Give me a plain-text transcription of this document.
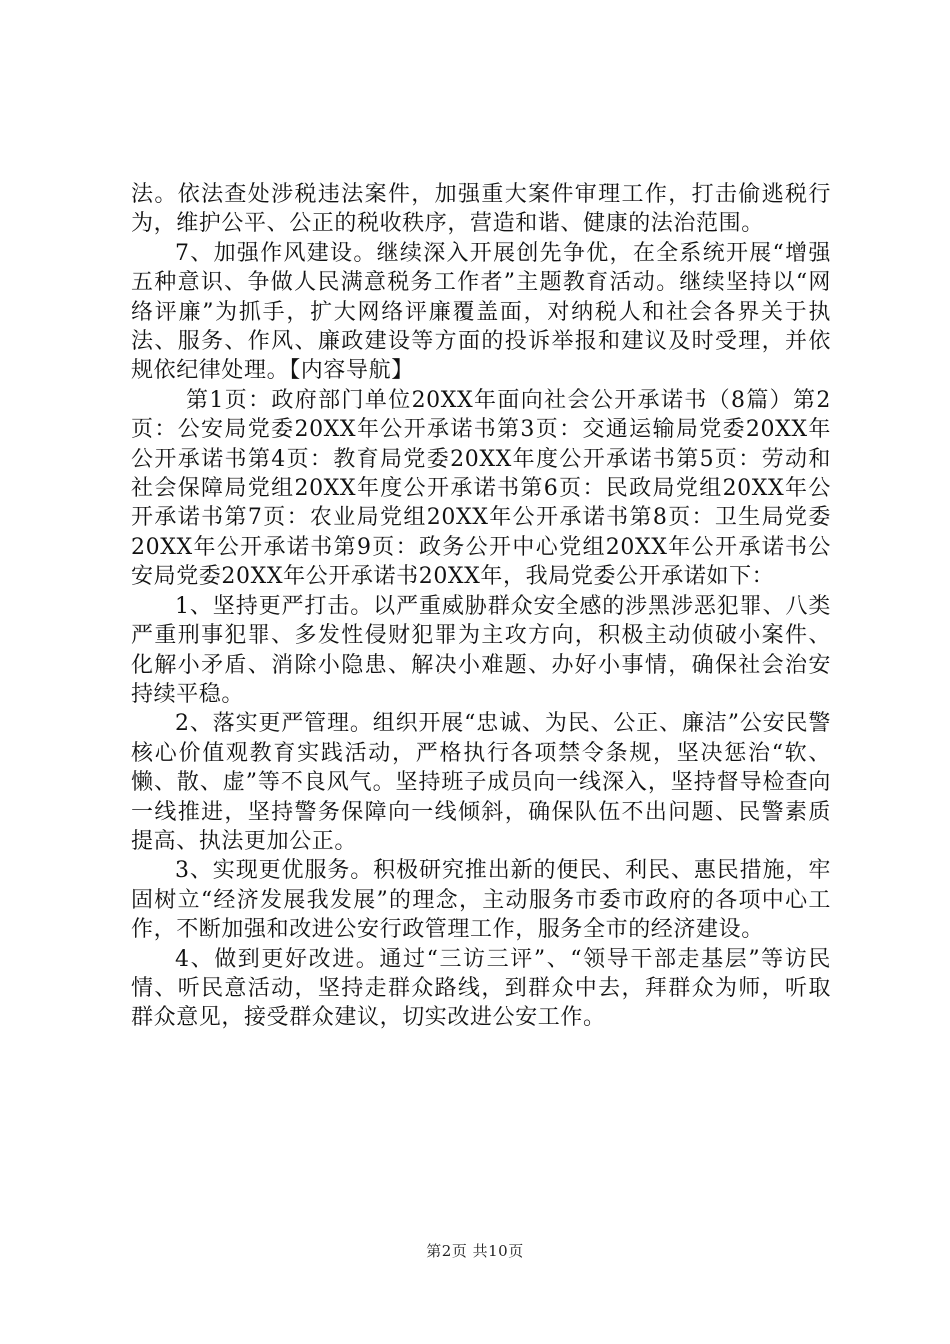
法。依法查处涉税违法案件，加强重大案件审理工作，打击偷逃税行为，维护公平、公正的税收秩序，营造和谐、健康的法治范围。

7、加强作风建设。继续深入开展创先争优，在全系统开展“增强五种意识、争做人民满意税务工作者”主题教育活动。继续坚持以“网络评廉”为抓手，扩大网络评廉覆盖面，对纳税人和社会各界关于执法、服务、作风、廉政建设等方面的投诉举报和建议及时受理，并依规依纪律处理。【内容导航】

第1页：政府部门单位20XX年面向社会公开承诺书（8篇）第2页：公安局党委20XX年公开承诺书第3页：交通运输局党委20XX年公开承诺书第4页：教育局党委20XX年度公开承诺书第5页：劳动和社会保障局党组20XX年度公开承诺书第6页：民政局党组20XX年公开承诺书第7页：农业局党组20XX年公开承诺书第8页：卫生局党委20XX年公开承诺书第9页：政务公开中心党组20XX年公开承诺书公安局党委20XX年公开承诺书20XX年，我局党委公开承诺如下：

1、坚持更严打击。以严重威胁群众安全感的涉黑涉恶犯罪、八类严重刑事犯罪、多发性侵财犯罪为主攻方向，积极主动侦破小案件、化解小矛盾、消除小隐患、解决小难题、办好小事情，确保社会治安持续平稳。

2、落实更严管理。组织开展“忠诚、为民、公正、廉洁”公安民警核心价值观教育实践活动，严格执行各项禁令条规，坚决惩治“软、懒、散、虚”等不良风气。坚持班子成员向一线深入，坚持督导检查向一线推进，坚持警务保障向一线倾斜，确保队伍不出问题、民警素质提高、执法更加公正。

3、实现更优服务。积极研究推出新的便民、利民、惠民措施，牢固树立“经济发展我发展”的理念，主动服务市委市政府的各项中心工作，不断加强和改进公安行政管理工作，服务全市的经济建设。

4、做到更好改进。通过“三访三评”、“领导干部走基层”等访民情、听民意活动，坚持走群众路线，到群众中去，拜群众为师，听取群众意见，接受群众建议，切实改进公安工作。

第2页 共10页
